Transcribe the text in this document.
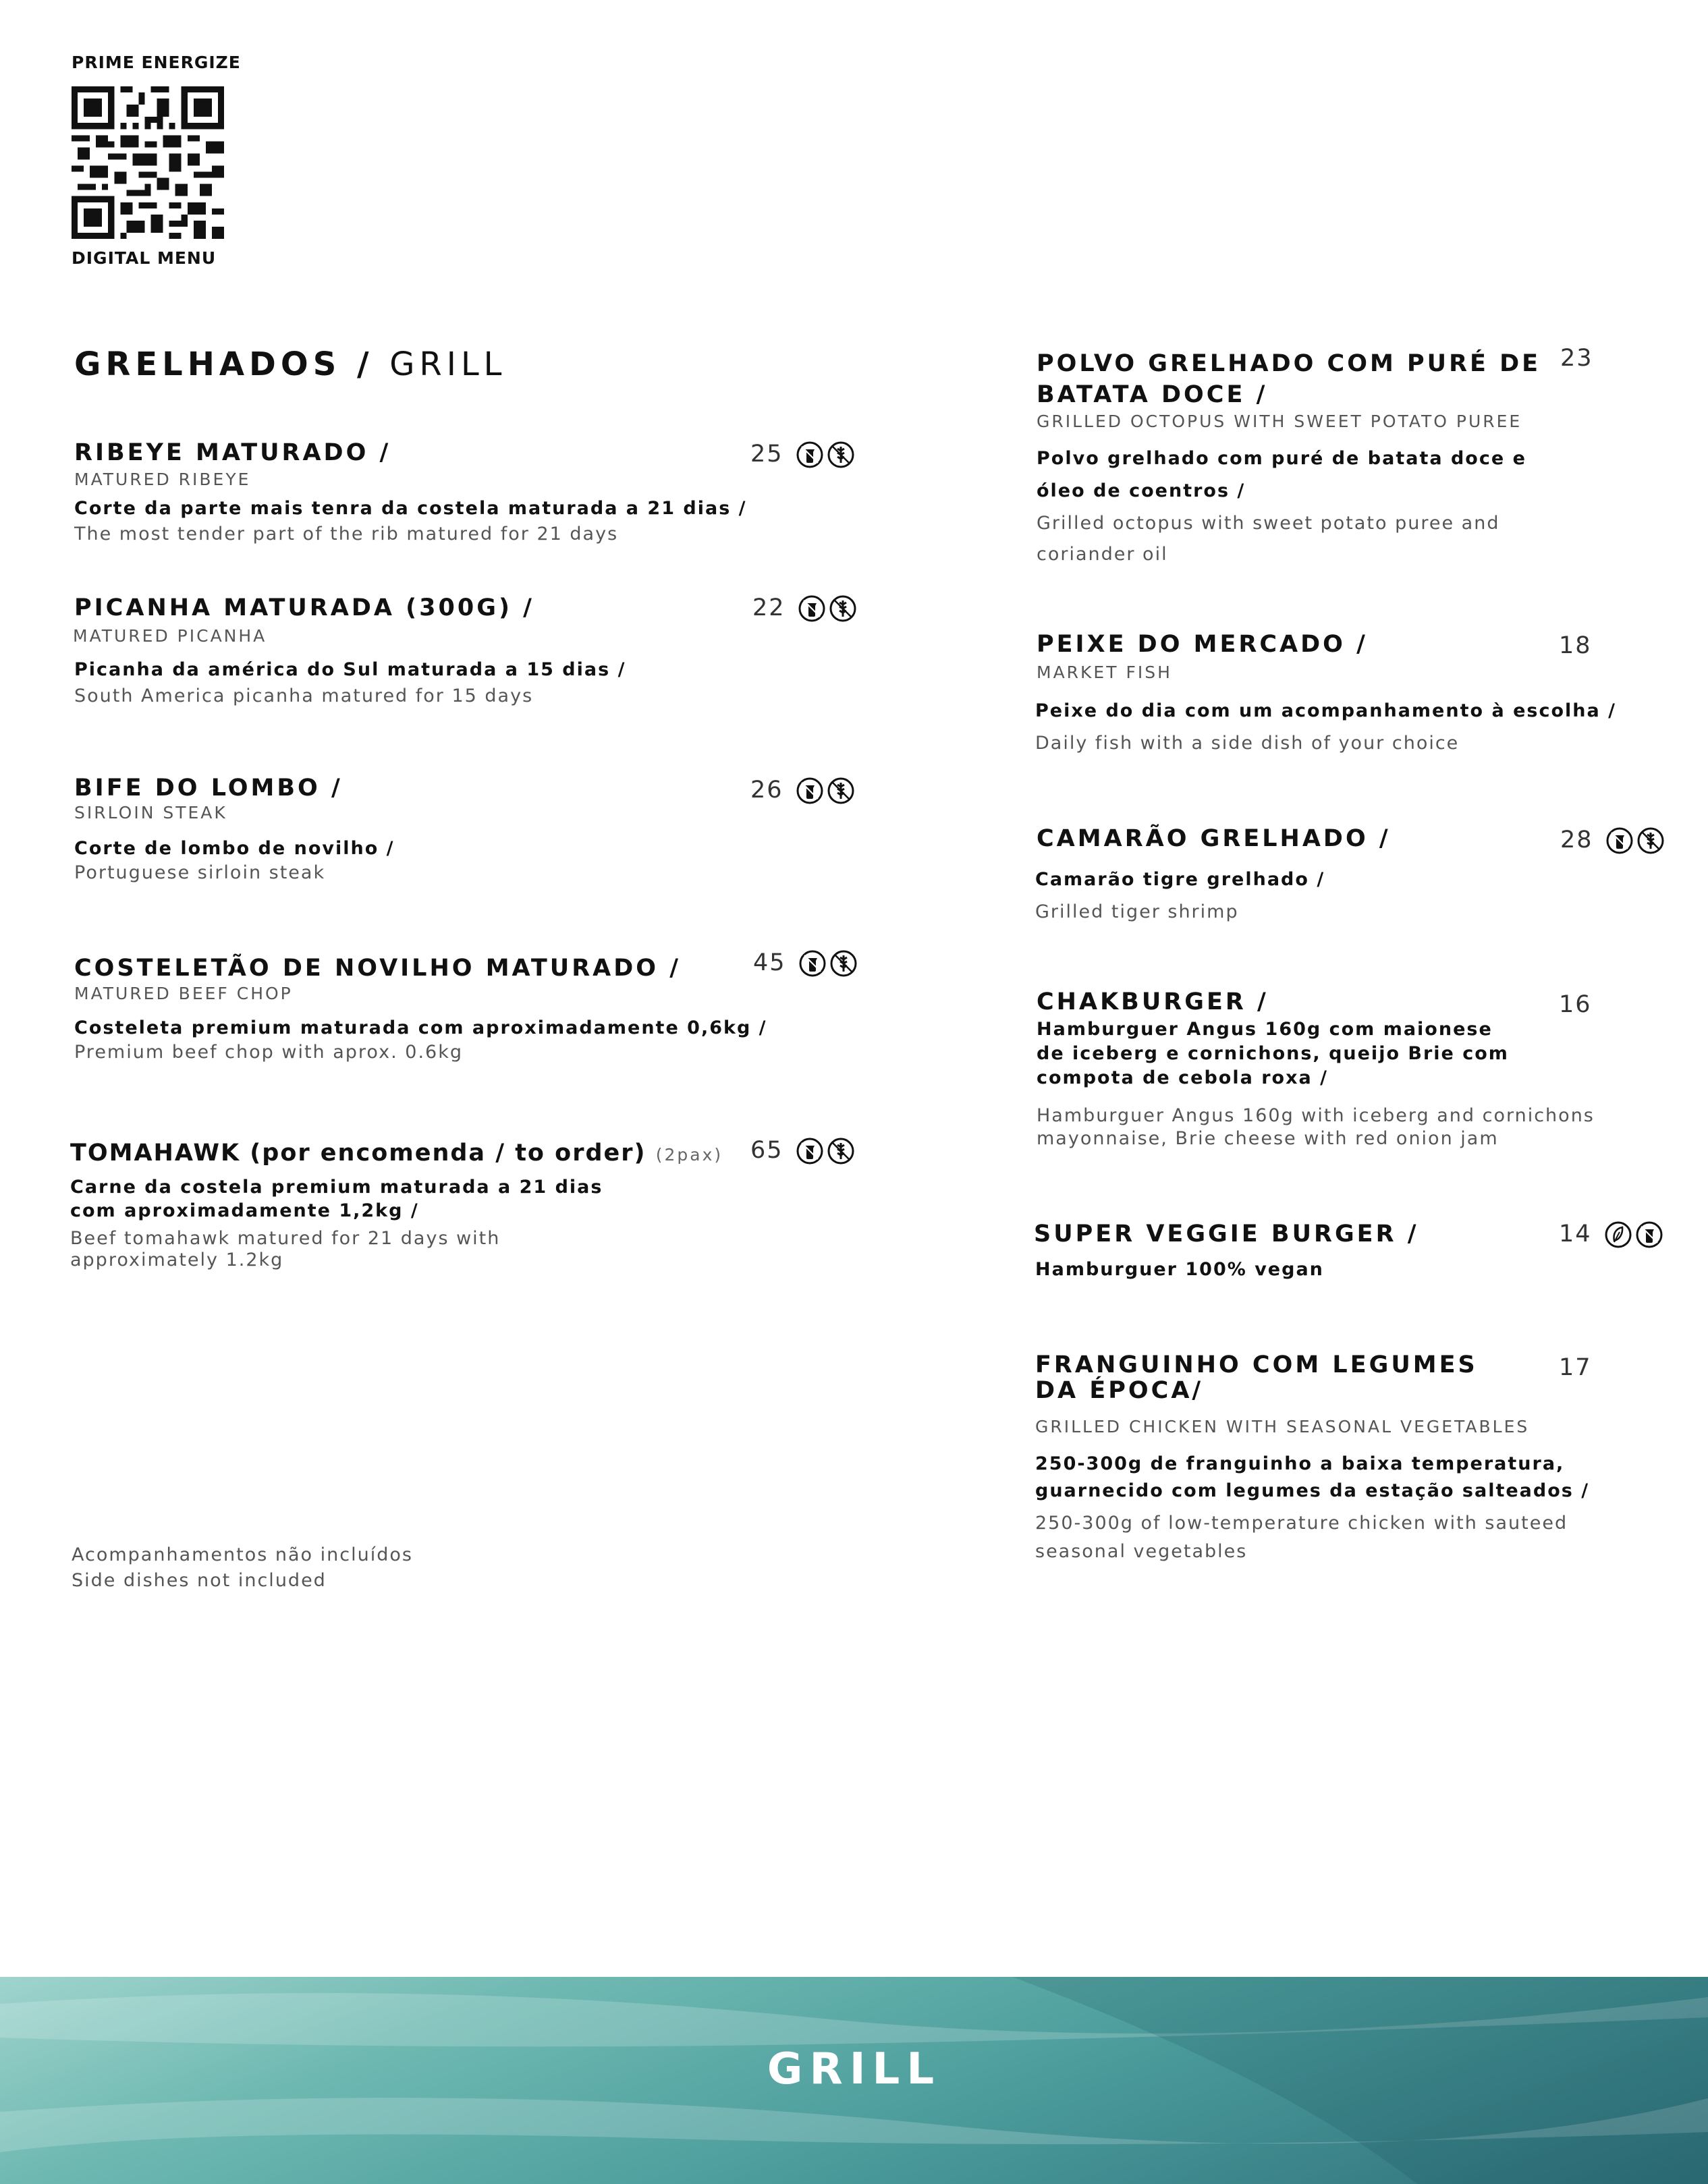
PRIME ENERGIZE
DIGITAL MENU
GRELHADOS / GRILL
RIBEYE MATURADO /	25
MATURED RIBEYE
Corte da parte mais tenra da costela maturada a 21 dias /
The most tender part of the rib matured for 21 days
PICANHA MATURADA (300G) /	22
MATURED PICANHA
Picanha da américa do Sul maturada a 15 dias /
South America picanha matured for 15 days
BIFE DO LOMBO /	26
SIRLOIN STEAK
Corte de lombo de novilho /
Portuguese sirloin steak
COSTELETÃO DE NOVILHO MATURADO /	45
MATURED BEEF CHOP
Costeleta premium maturada com aproximadamente 0,6kg /
Premium beef chop with aprox. 0.6kg
TOMAHAWK (por encomenda / to order) (2pax) 65
Carne da costela premium maturada a 21 dias
com aproximadamente 1,2kg /
Beef tomahawk matured for 21 days with
approximately 1.2kg
Acompanhamentos não incluídos
Side dishes not included
POLVO GRELHADO COM PURÉ DE
BATATA DOCE /
23
GRILLED OCTOPUS WITH SWEET POTATO PUREE
Polvo grelhado com puré de batata doce e
óleo de coentros /
Grilled octopus with sweet potato puree and
coriander oil
PEIXE DO MERCADO /	18
MARKET FISH
Peixe do dia com um acompanhamento à escolha /
Daily fish with a side dish of your choice
CAMARÃO GRELHADO /	28
Camarão tigre grelhado /
Grilled tiger shrimp
CHAKBURGER /	16
Hamburguer Angus 160g com maionese
de iceberg e cornichons, queijo Brie com
compota de cebola roxa /
Hamburguer Angus 160g with iceberg and cornichons
mayonnaise, Brie cheese with red onion jam
SUPER VEGGIE BURGER /	14
Hamburguer 100% vegan
FRANGUINHO COM LEGUMES
DA ÉPOCA/
17
GRILLED CHICKEN WITH SEASONAL VEGETABLES
250-300g de franguinho a baixa temperatura,
guarnecido com legumes da estação salteados /
250-300g of low-temperature chicken with sauteed
seasonal vegetables
GRILL
